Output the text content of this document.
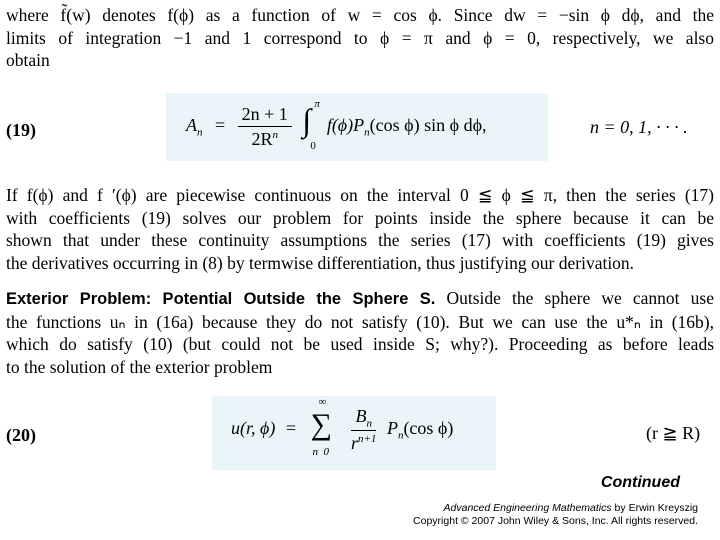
where f̃(w) denotes f(ϕ) as a function of w = cos ϕ. Since dw = −sin ϕ dϕ, and the
limits of integration −1 and 1 correspond to ϕ = π and ϕ = 0, respectively, we also
obtain
(19)	$A_n = \frac{2n + 1}{2R^n}$
∫ π
0
$f(\phi)P_n(\cos$ ϕ) sin ϕ dϕ,	n = 0, 1, · · · .
If f(ϕ) and f ′(ϕ) are piecewise continuous on the interval 0 ≦ ϕ ≦ π, then the series (17)
with coefficients (19) solves our problem for points inside the sphere because it can be
shown that under these continuity assumptions the series (17) with coefficients (19) gives
the derivatives occurring in (8) by termwise differentiation, thus justifying our derivation.
Exterior Problem: Potential Outside the Sphere S. Outside the sphere we cannot use
the functions uₙ in (16a) because they do not satisfy (10). But we can use the u*ₙ in (16b),
which do satisfy (10) (but could not be used inside S; why?). Proceeding as before leads
to the solution of the exterior problem
(20)	u(r, ϕ) =
∞
∑
n  0
$\frac{B_n}{r^{n+1}} P_n(\cos$ ϕ)	(r ≧ R)
Continued
Advanced Engineering Mathematics by Erwin Kreyszig
Copyright © 2007 John Wiley & Sons, Inc. All rights reserved.
